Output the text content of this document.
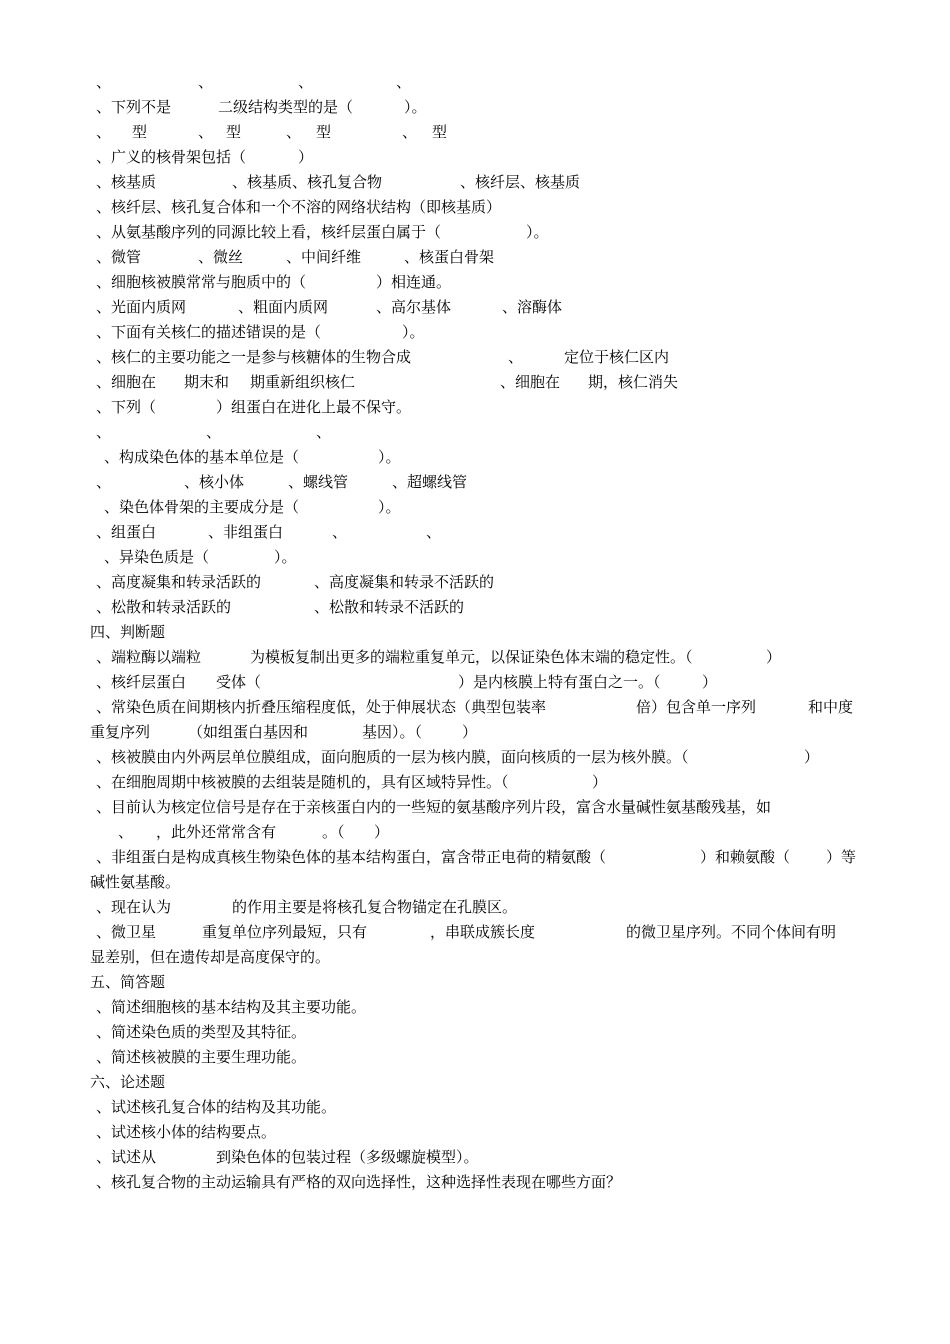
、	、	、	、
、下列不是	二级结构类型的是（	）。
、 型	、 型	、 型	、 型
、广义的核骨架包括（	）
、核基质	、核基质、核孔复合物	、核纤层、核基质
、核纤层、核孔复合体和一个不溶的网络状结构（即核基质）
、从氨基酸序列的同源比较上看，核纤层蛋白属于（	）。
、微管	、微丝	、中间纤维	、核蛋白骨架
、细胞核被膜常常与胞质中的（	）相连通。
、光面内质网	、粗面内质网	、高尔基体	、溶酶体
、下面有关核仁的描述错误的是（	）。
、核仁的主要功能之一是参与核糖体的生物合成	、	定位于核仁区内
、细胞在 期末和 期重新组织核仁	、细胞在 期，核仁消失
、下列（	）组蛋白在进化上最不保守。
、	、	、
、构成染色体的基本单位是（	）。
、	、核小体	、螺线管	、超螺线管
、染色体骨架的主要成分是（	）。
、组蛋白	、非组蛋白	、	、
、异染色质是（	）。
、高度凝集和转录活跃的	、高度凝集和转录不活跃的
、松散和转录活跃的	、松散和转录不活跃的
四、判断题
、端粒酶以端粒	为模板复制出更多的端粒重复单元，以保证染色体末端的稳定性。（	）
、核纤层蛋白 受体（	）是内核膜上特有蛋白之一。（	）
、常染色质在间期核内折叠压缩程度低，处于伸展状态（典型包装率	倍）包含单一序列	和中度
重复序列	（如组蛋白基因和	基因）。（	）
、核被膜由内外两层单位膜组成，面向胞质的一层为核内膜，面向核质的一层为核外膜。（	）
、在细胞周期中核被膜的去组装是随机的，具有区域特异性。（	）
、目前认为核定位信号是存在于亲核蛋白内的一些短的氨基酸序列片段，富含水量碱性氨基酸残基，如
、 ，此外还常常含有	。（ ）
、非组蛋白是构成真核生物染色体的基本结构蛋白，富含带正电荷的精氨酸（	）和赖氨酸（ ）等
碱性氨基酸。
、现在认为	的作用主要是将核孔复合物锚定在孔膜区。
、微卫星	重复单位序列最短，只有	，串联成簇长度	的微卫星序列。不同个体间有明
显差别，但在遗传却是高度保守的。
五、简答题
、简述细胞核的基本结构及其主要功能。
、简述染色质的类型及其特征。
、简述核被膜的主要生理功能。
六、论述题
、试述核孔复合体的结构及其功能。
、试述核小体的结构要点。
、试述从	到染色体的包装过程（多级螺旋模型）。
、核孔复合物的主动运输具有严格的双向选择性，这种选择性表现在哪些方面？
